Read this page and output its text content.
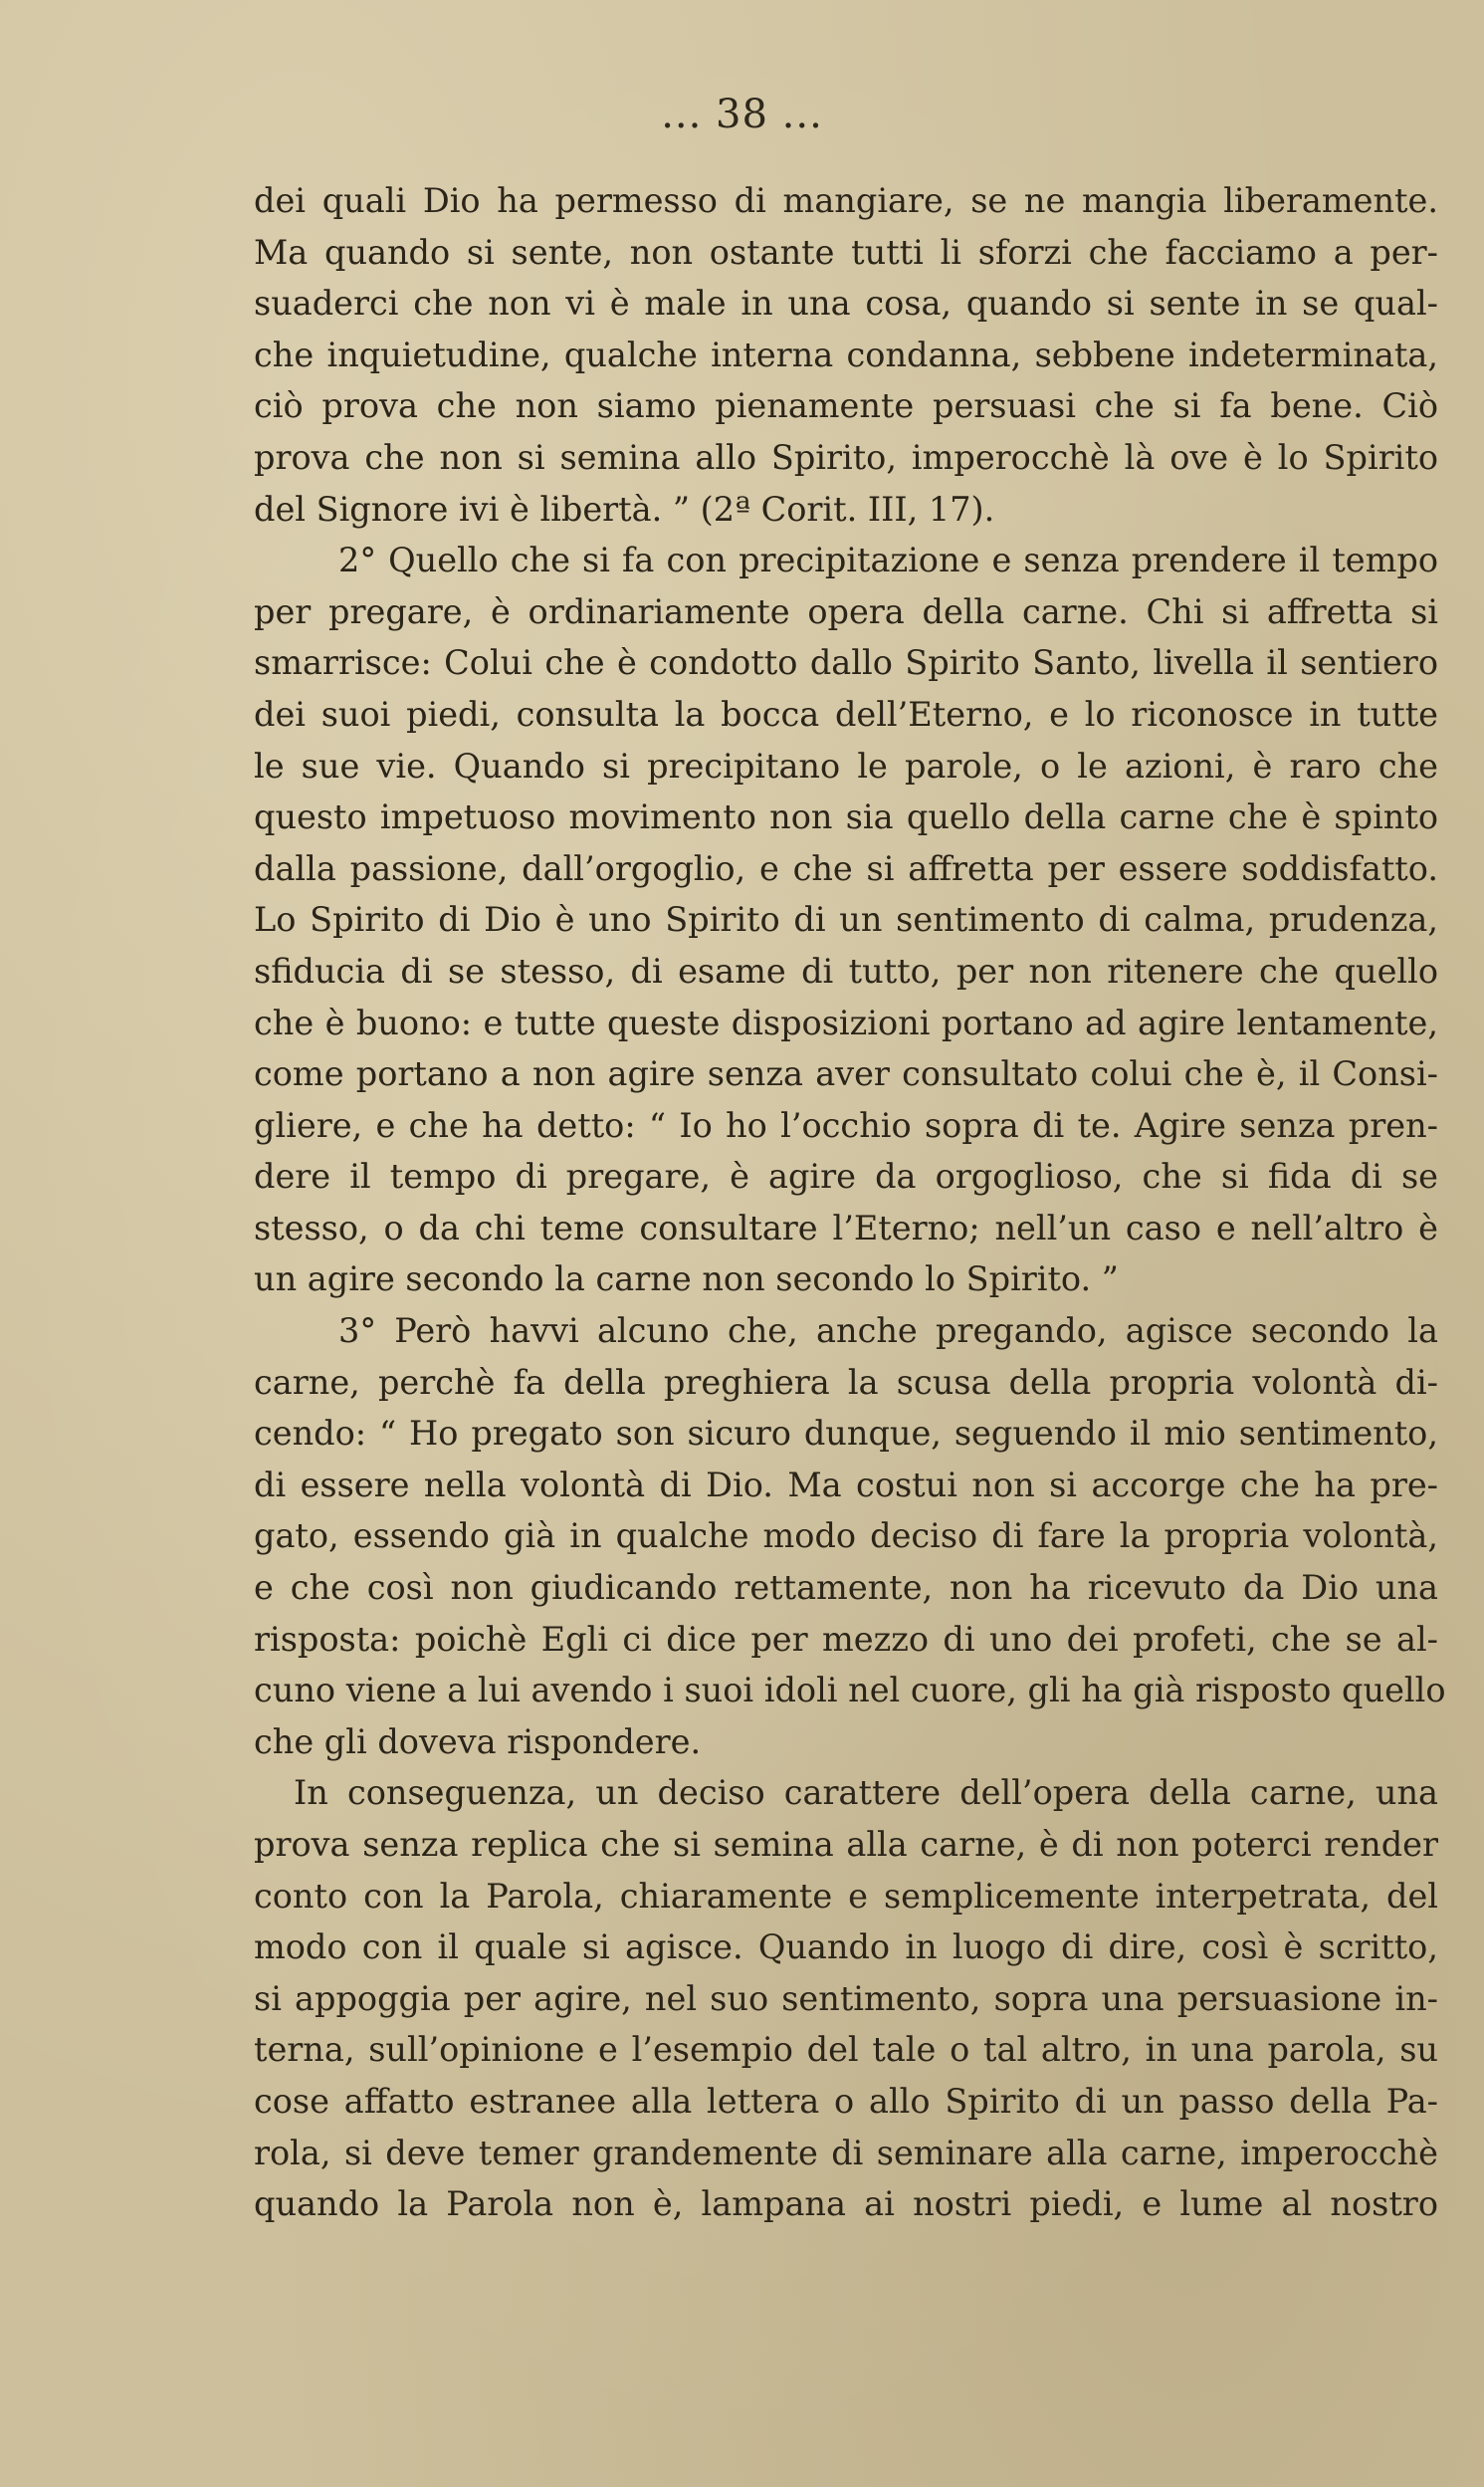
... 38 ...
dei quali Dio ha permesso di mangiare, se ne mangia liberamente.
Ma quando si sente, non ostante tutti li sforzi che facciamo a per-
suaderci che non vi è male in una cosa, quando si sente in se qual-
che inquietudine, qualche interna condanna, sebbene indeterminata,
ciò prova che non siamo pienamente persuasi che si fa bene. Ciò
prova che non si semina allo Spirito, imperocchè là ove è lo Spirito
del Signore ivi è libertà. ” (2ª Corit. III, 17).
2° Quello che si fa con precipitazione e senza prendere il tempo
per pregare, è ordinariamente opera della carne. Chi si affretta si
smarrisce: Colui che è condotto dallo Spirito Santo, livella il sentiero
dei suoi piedi, consulta la bocca dell’Eterno, e lo riconosce in tutte
le sue vie. Quando si precipitano le parole, o le azioni, è raro che
questo impetuoso movimento non sia quello della carne che è spinto
dalla passione, dall’orgoglio, e che si affretta per essere soddisfatto.
Lo Spirito di Dio è uno Spirito di un sentimento di calma, prudenza,
sfiducia di se stesso, di esame di tutto, per non ritenere che quello
che è buono: e tutte queste disposizioni portano ad agire lentamente,
come portano a non agire senza aver consultato colui che è, il Consi-
gliere, e che ha detto: “ Io ho l’occhio sopra di te. Agire senza pren-
dere il tempo di pregare, è agire da orgoglioso, che si fida di se
stesso, o da chi teme consultare l’Eterno; nell’un caso e nell’altro è
un agire secondo la carne non secondo lo Spirito. ”
3° Però havvi alcuno che, anche pregando, agisce secondo la
carne, perchè fa della preghiera la scusa della propria volontà di-
cendo: “ Ho pregato son sicuro dunque, seguendo il mio sentimento,
di essere nella volontà di Dio. Ma costui non si accorge che ha pre-
gato, essendo già in qualche modo deciso di fare la propria volontà,
e che così non giudicando rettamente, non ha ricevuto da Dio una
risposta: poichè Egli ci dice per mezzo di uno dei profeti, che se al-
cuno viene a lui avendo i suoi idoli nel cuore, gli ha già risposto quello
che gli doveva rispondere.
In conseguenza, un deciso carattere dell’opera della carne, una
prova senza replica che si semina alla carne, è di non poterci render
conto con la Parola, chiaramente e semplicemente interpetrata, del
modo con il quale si agisce. Quando in luogo di dire, così è scritto,
si appoggia per agire, nel suo sentimento, sopra una persuasione in-
terna, sull’opinione e l’esempio del tale o tal altro, in una parola, su
cose affatto estranee alla lettera o allo Spirito di un passo della Pa-
rola, si deve temer grandemente di seminare alla carne, imperocchè
quando la Parola non è, lampana ai nostri piedi, e lume al nostro
